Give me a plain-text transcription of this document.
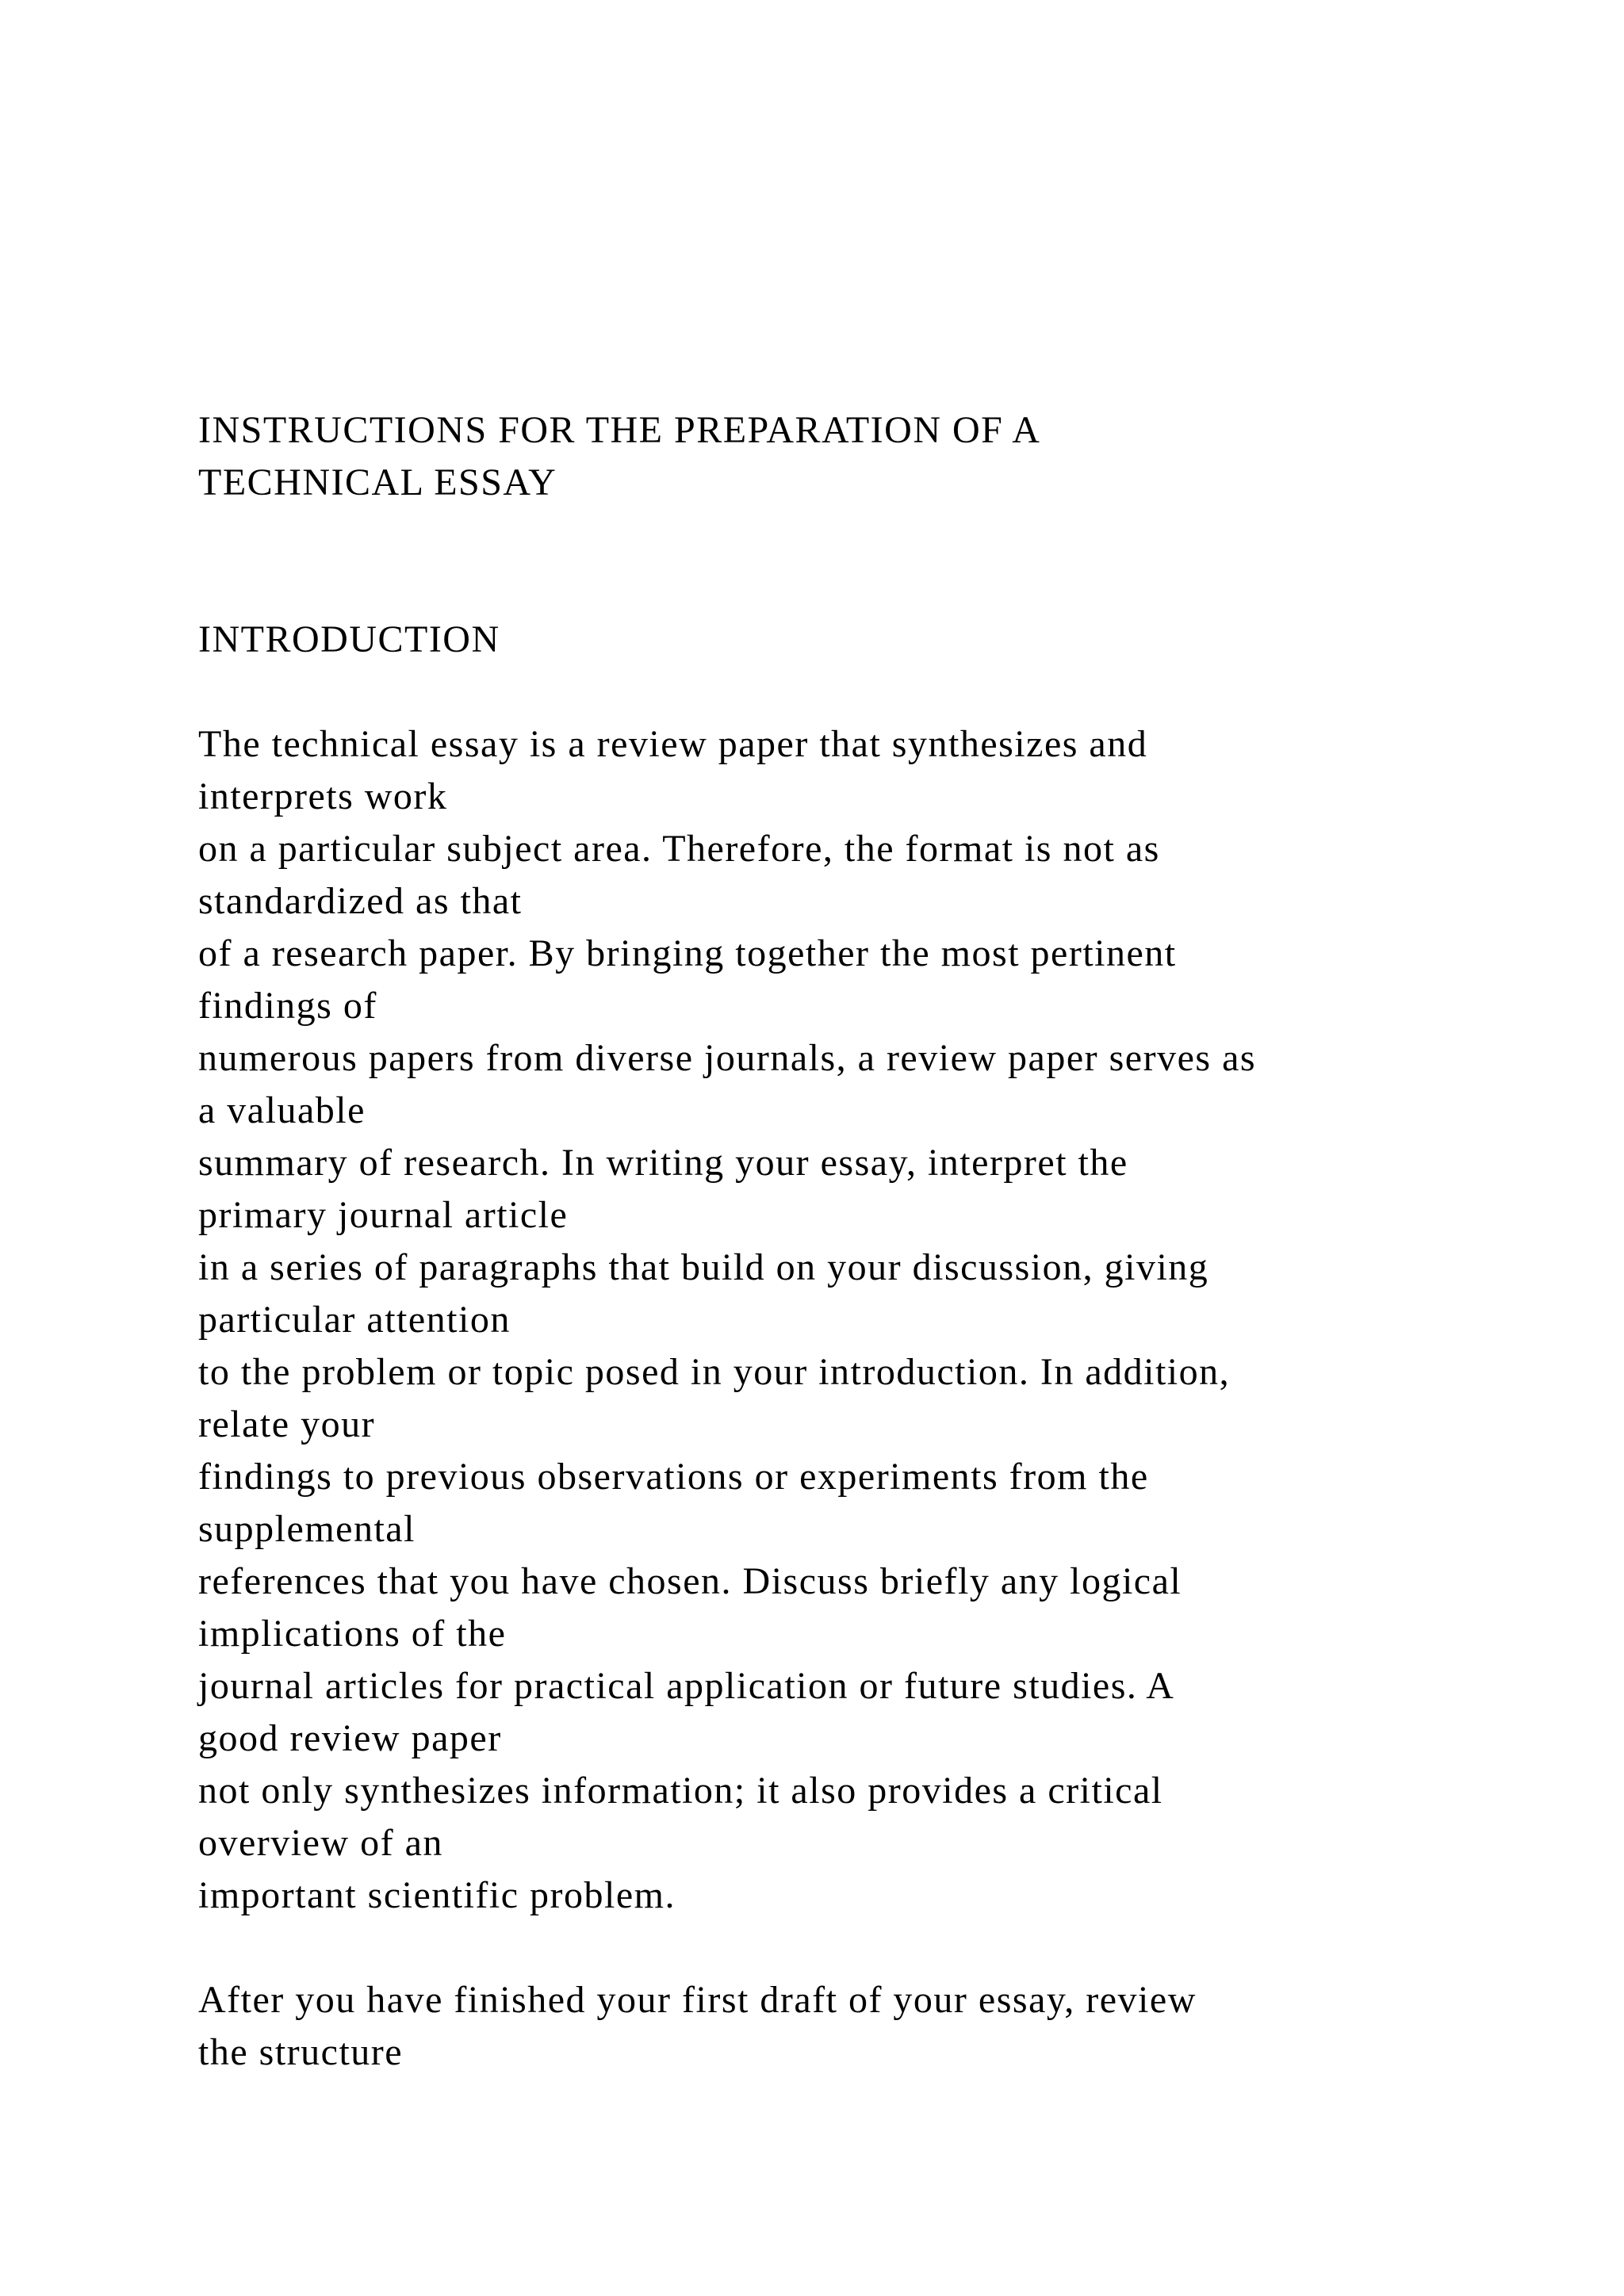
INSTRUCTIONS FOR THE PREPARATION OF A
TECHNICAL ESSAY
INTRODUCTION
The technical essay is a review paper that synthesizes and
interprets work
on a particular subject area. Therefore, the format is not as
standardized as that
of a research paper. By bringing together the most pertinent
findings of
numerous papers from diverse journals, a review paper serves as
a valuable
summary of research. In writing your essay, interpret the
primary journal article
in a series of paragraphs that build on your discussion, giving
particular attention
to the problem or topic posed in your introduction. In addition,
relate your
findings to previous observations or experiments from the
supplemental
references that you have chosen. Discuss briefly any logical
implications of the
journal articles for practical application or future studies. A
good review paper
not only synthesizes information; it also provides a critical
overview of an
important scientific problem.
After you have finished your first draft of your essay, review
the structure
